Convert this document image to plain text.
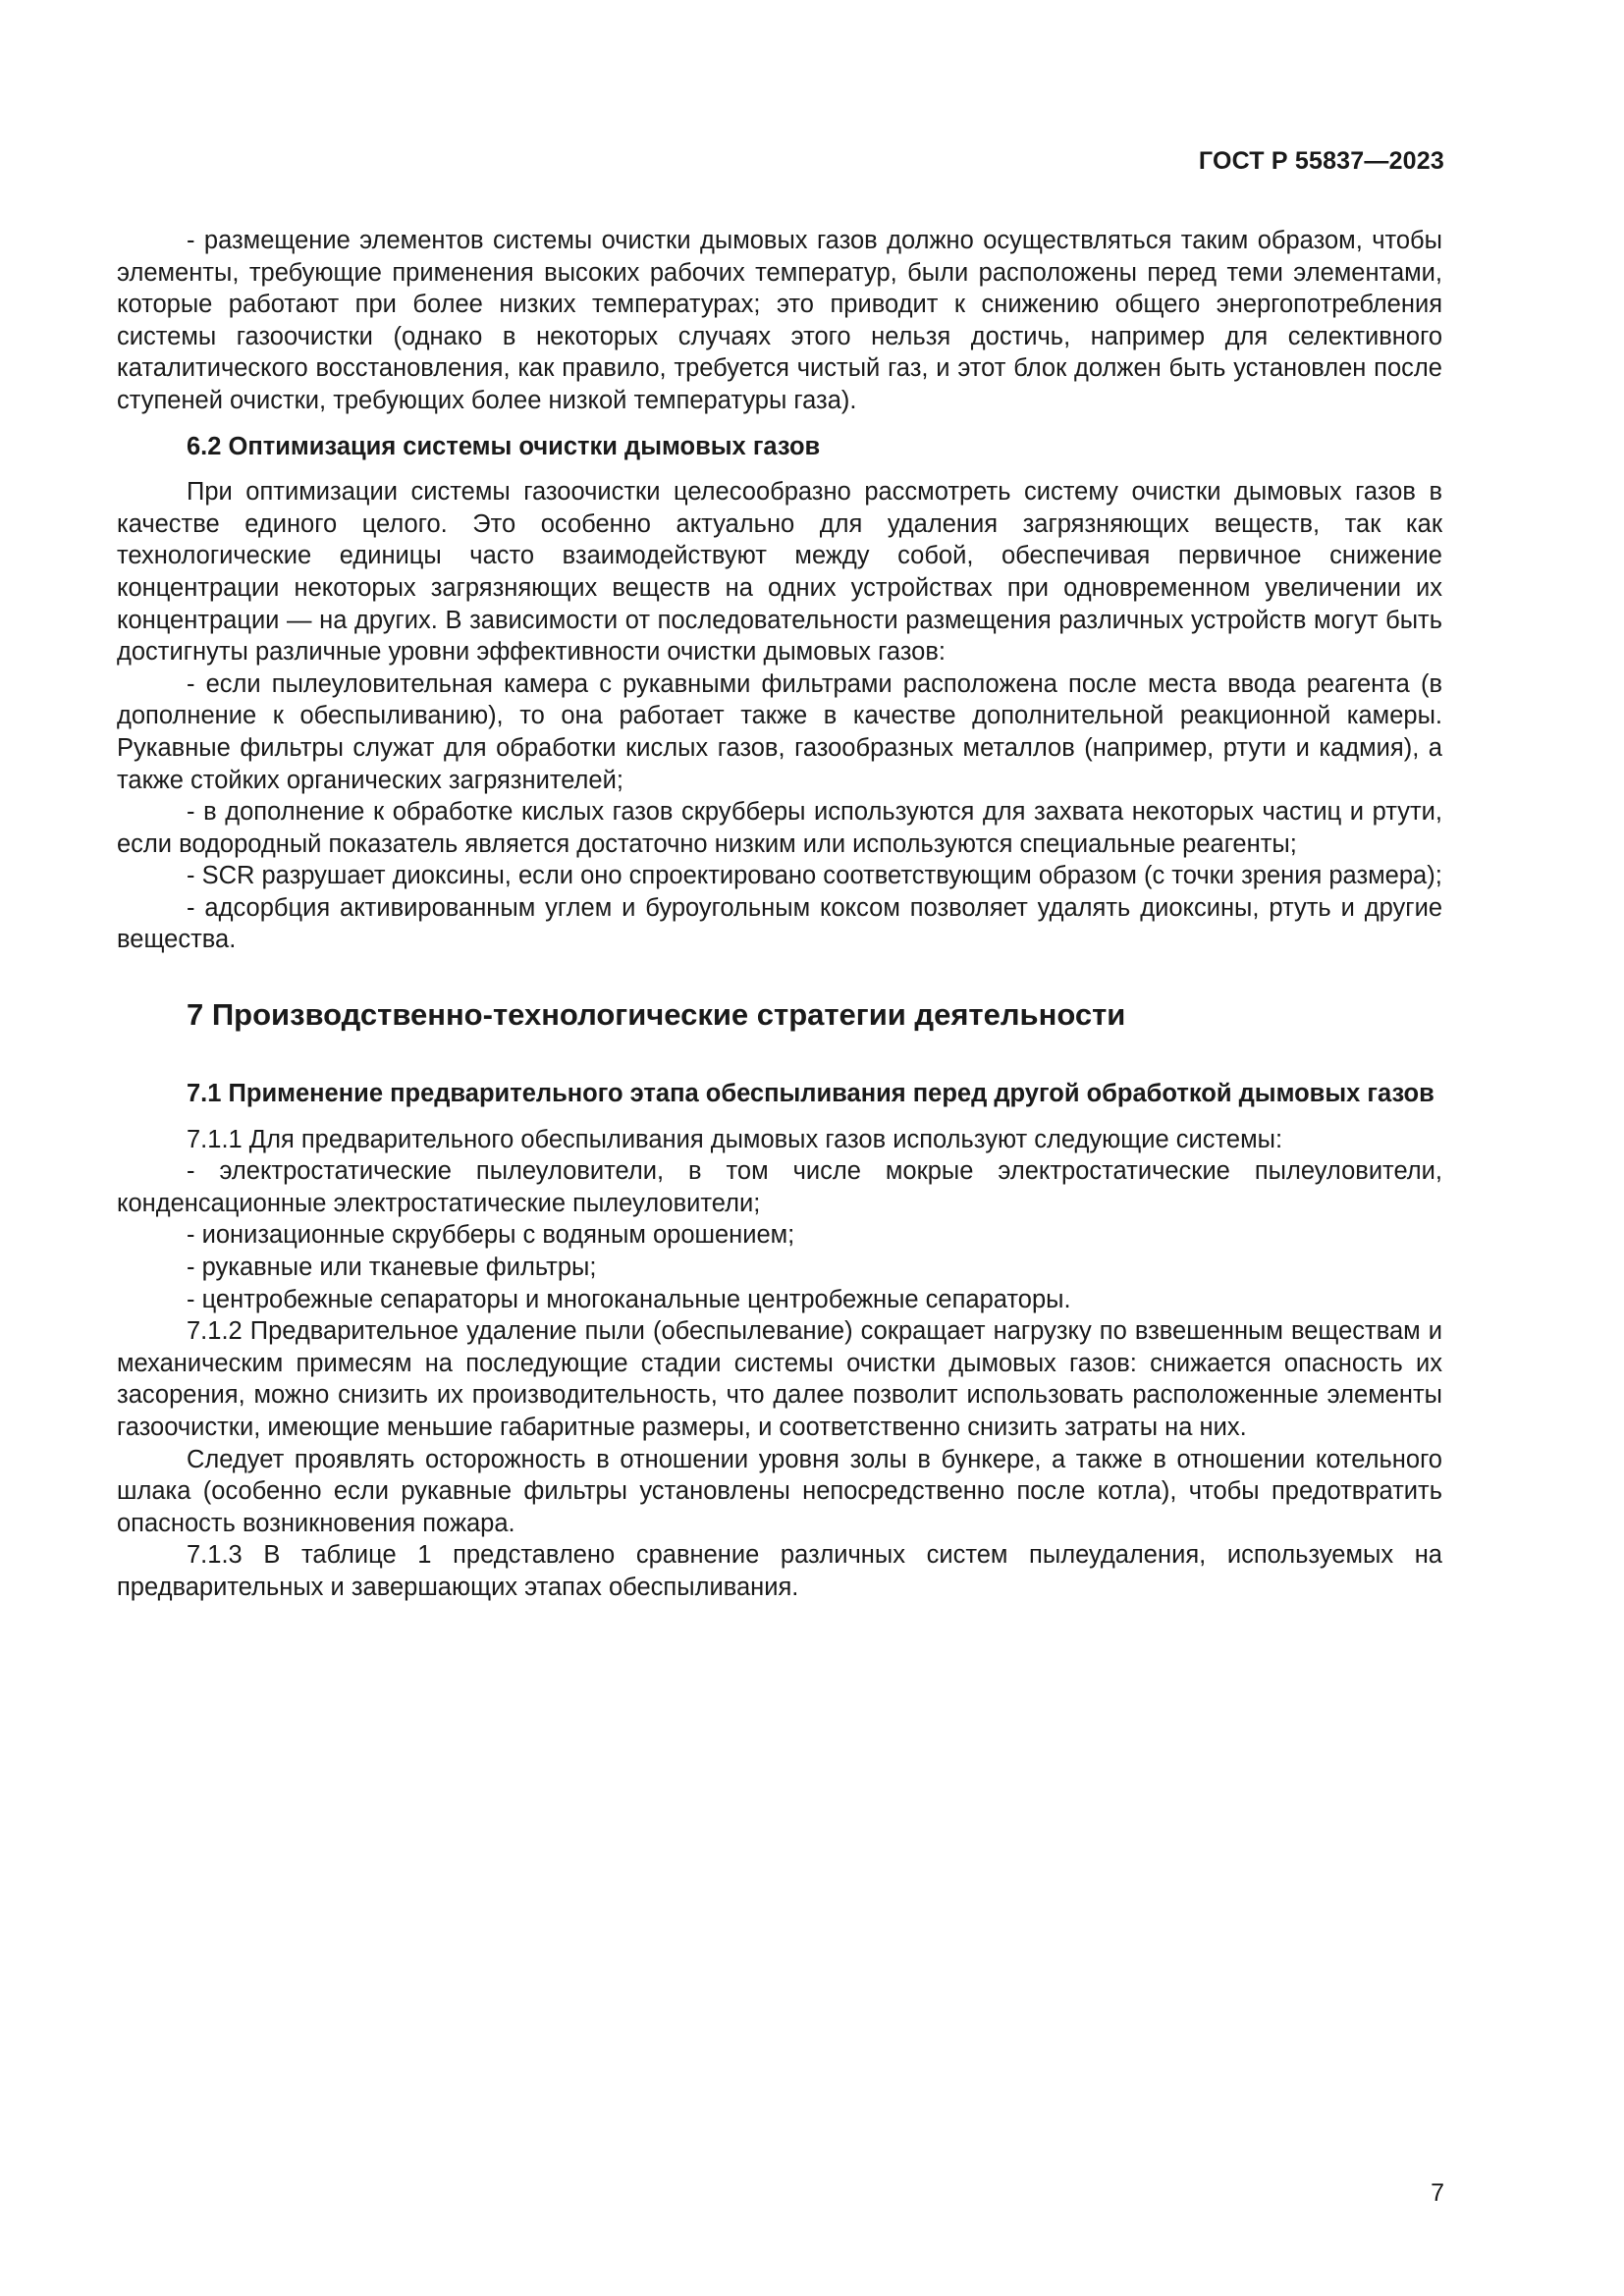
ГОСТ Р 55837—2023

- размещение элементов системы очистки дымовых газов должно осуществляться таким образом, чтобы элементы, требующие применения высоких рабочих температур, были расположены перед теми элементами, которые работают при более низких температурах; это приводит к снижению общего энергопотребления системы газоочистки (однако в некоторых случаях этого нельзя достичь, например для селективного каталитического восстановления, как правило, требуется чистый газ, и этот блок должен быть установлен после ступеней очистки, требующих более низкой температуры газа).

6.2 Оптимизация системы очистки дымовых газов

При оптимизации системы газоочистки целесообразно рассмотреть систему очистки дымовых газов в качестве единого целого. Это особенно актуально для удаления загрязняющих веществ, так как технологические единицы часто взаимодействуют между собой, обеспечивая первичное снижение концентрации некоторых загрязняющих веществ на одних устройствах при одновременном увеличении их концентрации — на других. В зависимости от последовательности размещения различных устройств могут быть достигнуты различные уровни эффективности очистки дымовых газов:

- если пылеуловительная камера с рукавными фильтрами расположена после места ввода реагента (в дополнение к обеспыливанию), то она работает также в качестве дополнительной реакционной камеры. Рукавные фильтры служат для обработки кислых газов, газообразных металлов (например, ртути и кадмия), а также стойких органических загрязнителей;

- в дополнение к обработке кислых газов скрубберы используются для захвата некоторых частиц и ртути, если водородный показатель является достаточно низким или используются специальные реагенты;

- SCR разрушает диоксины, если оно спроектировано соответствующим образом (с точки зрения размера);

- адсорбция активированным углем и буроугольным коксом позволяет удалять диоксины, ртуть и другие вещества.

7 Производственно-технологические стратегии деятельности

7.1 Применение предварительного этапа обеспыливания перед другой обработкой дымовых газов

7.1.1 Для предварительного обеспыливания дымовых газов используют следующие системы:

- электростатические пылеуловители, в том числе мокрые электростатические пылеуловители, конденсационные электростатические пылеуловители;

- ионизационные скрубберы с водяным орошением;

- рукавные или тканевые фильтры;

- центробежные сепараторы и многоканальные центробежные сепараторы.

7.1.2 Предварительное удаление пыли (обеспылевание) сокращает нагрузку по взвешенным веществам и механическим примесям на последующие стадии системы очистки дымовых газов: снижается опасность их засорения, можно снизить их производительность, что далее позволит использовать расположенные элементы газоочистки, имеющие меньшие габаритные размеры, и соответственно снизить затраты на них.

Следует проявлять осторожность в отношении уровня золы в бункере, а также в отношении котельного шлака (особенно если рукавные фильтры установлены непосредственно после котла), чтобы предотвратить опасность возникновения пожара.

7.1.3 В таблице 1 представлено сравнение различных систем пылеудаления, используемых на предварительных и завершающих этапах обеспыливания.

7
